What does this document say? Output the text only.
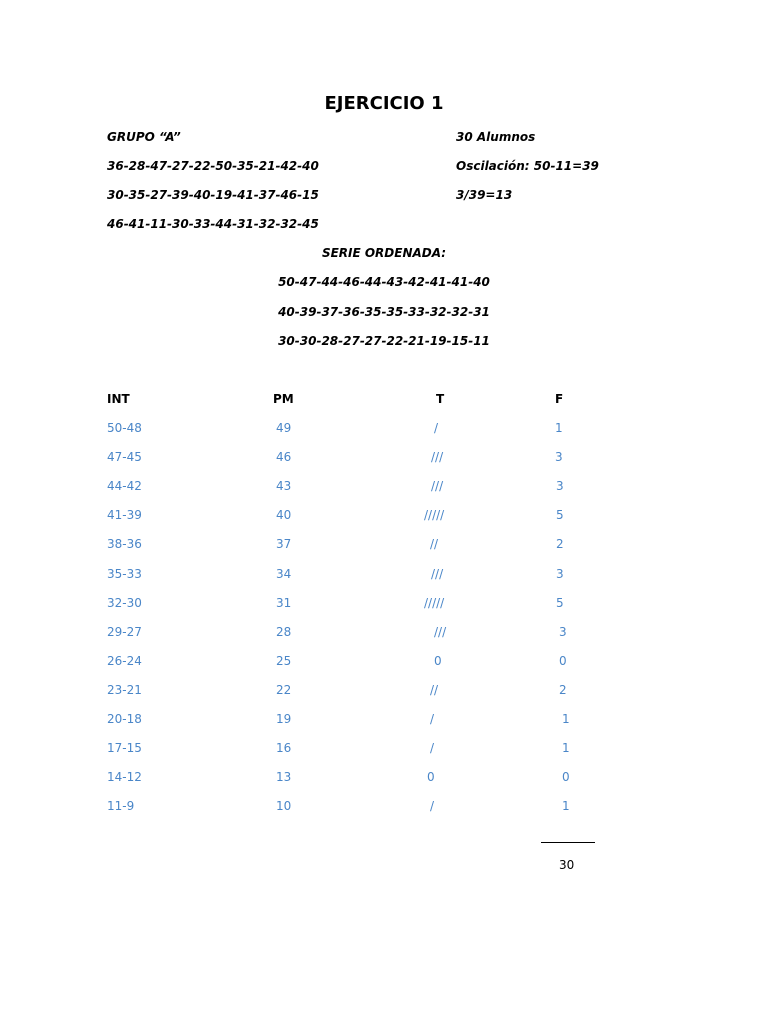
EJERCICIO 1
GRUPO “A”
36-28-47-27-22-50-35-21-42-40
30-35-27-39-40-19-41-37-46-15
46-41-11-30-33-44-31-32-32-45
30 Alumnos
Oscilación: 50-11=39
3/39=13
SERIE ORDENADA:
50-47-44-46-44-43-42-41-41-40
40-39-37-36-35-35-33-32-32-31
30-30-28-27-27-22-21-19-15-11
INT	PM	T	F
50-48	49	/	1
47-45	46	///	3
44-42	43	///	3
41-39	40	/////	5
38-36	37	//	2
35-33	34	///	3
32-30	31	/////	5
29-27	28	///	3
26-24	25	0	0
23-21	22	//	2
20-18	19	/	1
17-15	16	/	1
14-12	13	0	0
11-9	10	/	1
30
